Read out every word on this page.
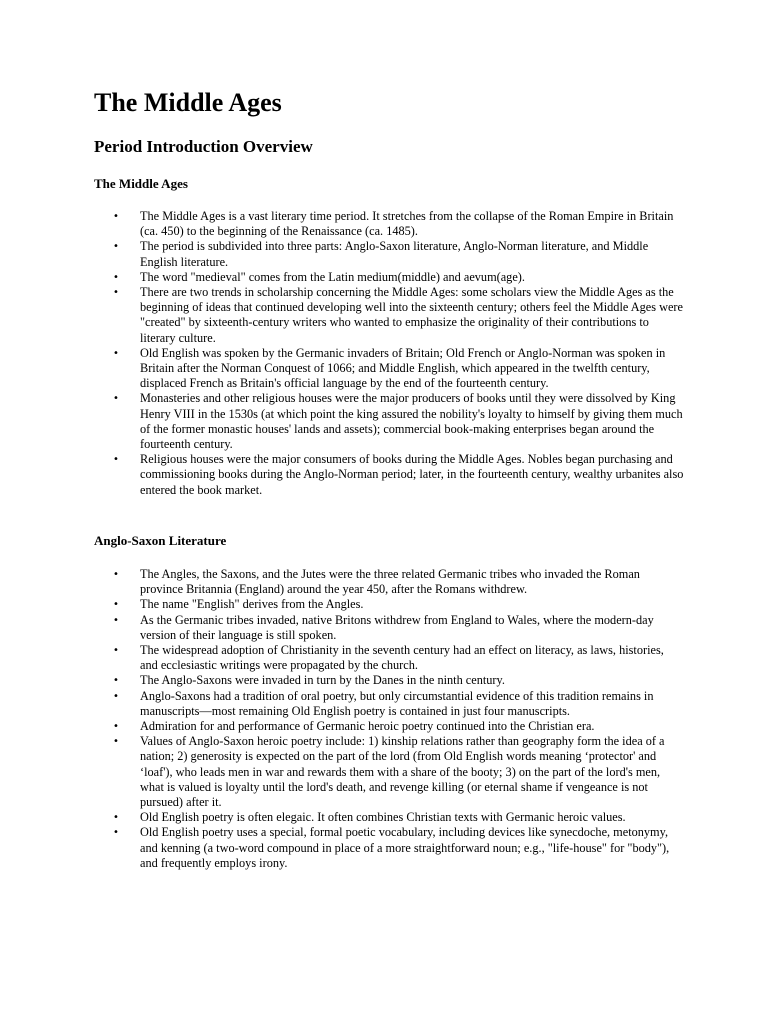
The Middle Ages
Period Introduction Overview
The Middle Ages
• The Middle Ages is a vast literary time period. It stretches from the collapse of the Roman Empire in Britain (ca. 450) to the beginning of the Renaissance (ca. 1485).
• The period is subdivided into three parts: Anglo-Saxon literature, Anglo-Norman literature, and Middle English literature.
• The word "medieval" comes from the Latin medium(middle) and aevum(age).
• There are two trends in scholarship concerning the Middle Ages: some scholars view the Middle Ages as the beginning of ideas that continued developing well into the sixteenth century; others feel the Middle Ages were "created" by sixteenth-century writers who wanted to emphasize the originality of their contributions to literary culture.
• Old English was spoken by the Germanic invaders of Britain; Old French or Anglo-Norman was spoken in Britain after the Norman Conquest of 1066; and Middle English, which appeared in the twelfth century, displaced French as Britain's official language by the end of the fourteenth century.
• Monasteries and other religious houses were the major producers of books until they were dissolved by King Henry VIII in the 1530s (at which point the king assured the nobility's loyalty to himself by giving them much of the former monastic houses' lands and assets); commercial book-making enterprises began around the fourteenth century.
• Religious houses were the major consumers of books during the Middle Ages. Nobles began purchasing and commissioning books during the Anglo-Norman period; later, in the fourteenth century, wealthy urbanites also entered the book market.
Anglo-Saxon Literature
• The Angles, the Saxons, and the Jutes were the three related Germanic tribes who invaded the Roman province Britannia (England) around the year 450, after the Romans withdrew.
• The name "English" derives from the Angles.
• As the Germanic tribes invaded, native Britons withdrew from England to Wales, where the modern-day version of their language is still spoken.
• The widespread adoption of Christianity in the seventh century had an effect on literacy, as laws, histories, and ecclesiastic writings were propagated by the church.
• The Anglo-Saxons were invaded in turn by the Danes in the ninth century.
• Anglo-Saxons had a tradition of oral poetry, but only circumstantial evidence of this tradition remains in manuscripts—most remaining Old English poetry is contained in just four manuscripts.
• Admiration for and performance of Germanic heroic poetry continued into the Christian era.
• Values of Anglo-Saxon heroic poetry include: 1) kinship relations rather than geography form the idea of a nation; 2) generosity is expected on the part of the lord (from Old English words meaning ‘protector' and ‘loaf'), who leads men in war and rewards them with a share of the booty; 3) on the part of the lord's men, what is valued is loyalty until the lord's death, and revenge killing (or eternal shame if vengeance is not pursued) after it.
• Old English poetry is often elegaic. It often combines Christian texts with Germanic heroic values.
• Old English poetry uses a special, formal poetic vocabulary, including devices like synecdoche, metonymy, and kenning (a two-word compound in place of a more straightforward noun; e.g., "life-house" for "body"), and frequently employs irony.
